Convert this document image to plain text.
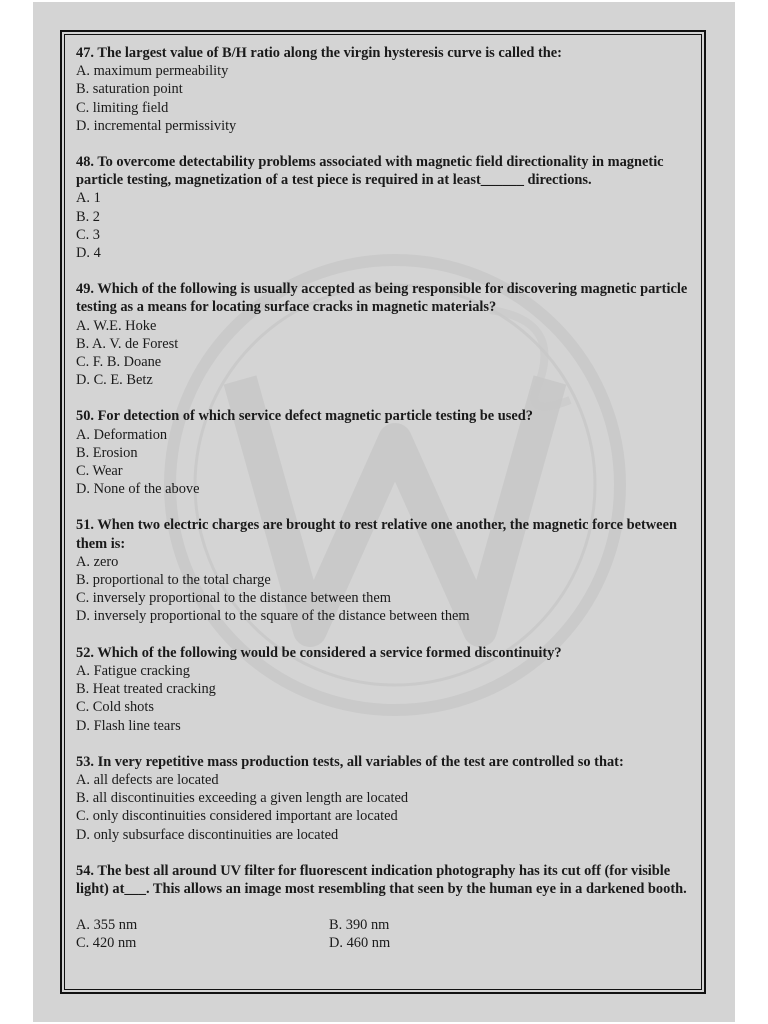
47. The largest value of B/H ratio along the virgin hysteresis curve is called the:

A. maximum permeability

B. saturation point

C. limiting field

D. incremental permissivity

48. To overcome detectability problems associated with magnetic field directionality in magnetic particle testing, magnetization of a test piece is required in at least______ directions.

A. 1

B. 2

C. 3

D. 4

49. Which of the following is usually accepted as being responsible for discovering magnetic particle testing as a means for locating surface cracks in magnetic materials?

A. W.E. Hoke

B. A. V. de Forest

C. F. B. Doane

D. C. E. Betz

50. For detection of which service defect magnetic particle testing be used?

A. Deformation

B. Erosion

C. Wear

D. None of the above

51. When two electric charges are brought to rest relative one another, the magnetic force between them is:

A. zero

B. proportional to the total charge

C. inversely proportional to the distance between them

D. inversely proportional to the square of the distance between them

52. Which of the following would be considered a service formed discontinuity?

A. Fatigue cracking

B. Heat treated cracking

C. Cold shots

D. Flash line tears

53. In very repetitive mass production tests, all variables of the test are controlled so that:

A. all defects are located

B. all discontinuities exceeding a given length are located

C. only discontinuities considered important are located

D. only subsurface discontinuities are located

54. The best all around UV filter for fluorescent indication photography has its cut off (for visible light) at___. This allows an image most resembling that seen by the human eye in a darkened booth.

A. 355 nm	B. 390 nm

C. 420 nm	D. 460 nm
